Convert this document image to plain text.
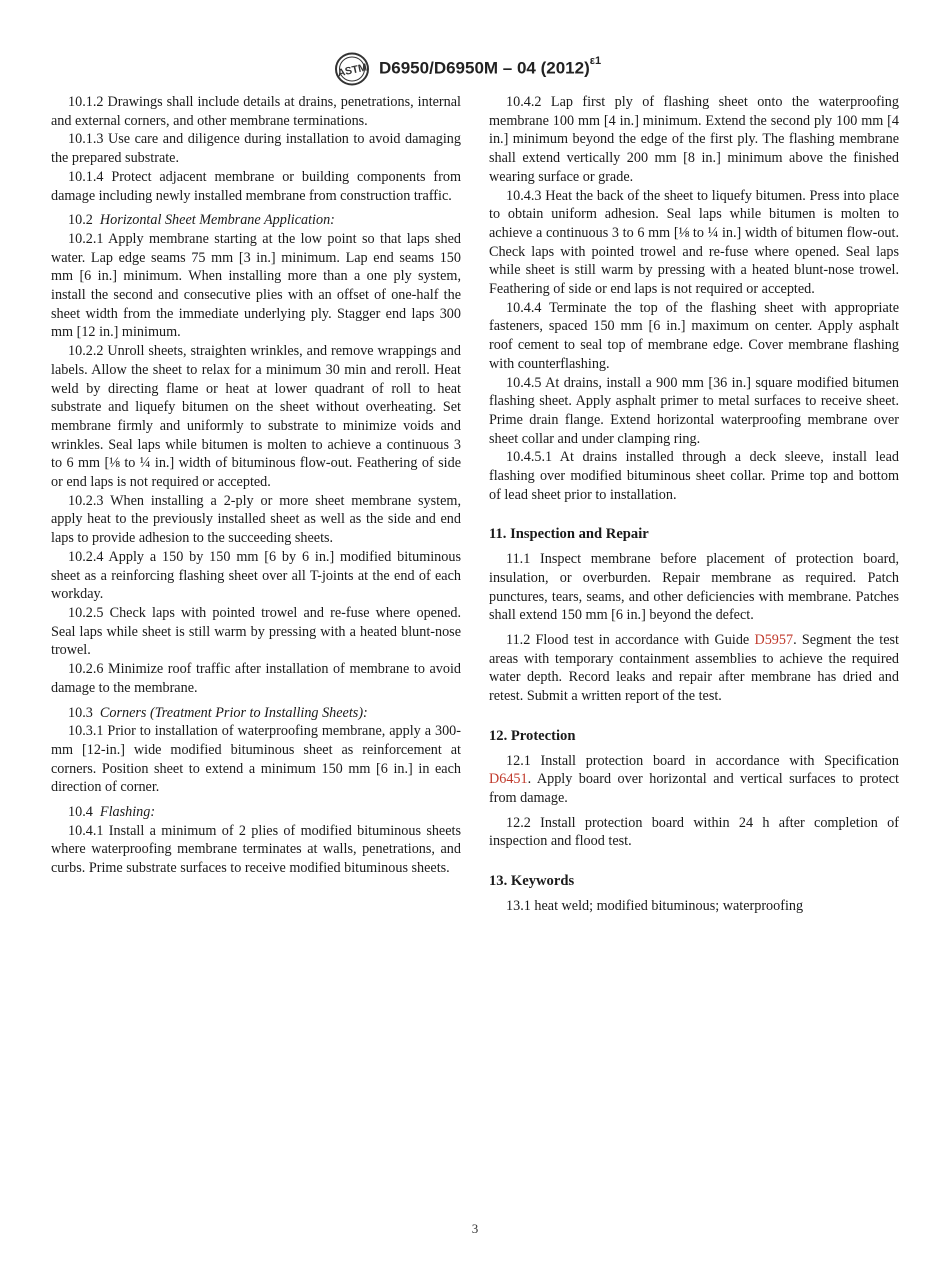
ASTM D6950/D6950M – 04 $(2012)^{\varepsilon 1}$

10.1.2 Drawings shall include details at drains, penetrations, internal and external corners, and other membrane terminations.

10.1.3 Use care and diligence during installation to avoid damaging the prepared substrate.

10.1.4 Protect adjacent membrane or building components from damage including newly installed membrane from construction traffic.

10.2 Horizontal Sheet Membrane Application:

10.2.1 Apply membrane starting at the low point so that laps shed water. Lap edge seams 75 mm [3 in.] minimum. Lap end seams 150 mm [6 in.] minimum. When installing more than a one ply system, install the second and consecutive plies with an offset of one-half the sheet width from the immediate underlying ply. Stagger end laps 300 mm [12 in.] minimum.

10.2.2 Unroll sheets, straighten wrinkles, and remove wrappings and labels. Allow the sheet to relax for a minimum 30 min and reroll. Heat weld by directing flame or heat at lower quadrant of roll to heat substrate and liquefy bitumen on the sheet without overheating. Set membrane firmly and uniformly to substrate to minimize voids and wrinkles. Seal laps while bitumen is molten to achieve a continuous 3 to 6 mm [⅛ to ¼ in.] width of bituminous flow-out. Feathering of side or end laps is not required or accepted.

10.2.3 When installing a 2-ply or more sheet membrane system, apply heat to the previously installed sheet as well as the side and end laps to provide adhesion to the succeeding sheets.

10.2.4 Apply a 150 by 150 mm [6 by 6 in.] modified bituminous sheet as a reinforcing flashing sheet over all T-joints at the end of each workday.

10.2.5 Check laps with pointed trowel and re-fuse where opened. Seal laps while sheet is still warm by pressing with a heated blunt-nose trowel.

10.2.6 Minimize roof traffic after installation of membrane to avoid damage to the membrane.

10.3 Corners (Treatment Prior to Installing Sheets):

10.3.1 Prior to installation of waterproofing membrane, apply a 300-mm [12-in.] wide modified bituminous sheet as reinforcement at corners. Position sheet to extend a minimum 150 mm [6 in.] in each direction of corner.

10.4 Flashing:

10.4.1 Install a minimum of 2 plies of modified bituminous sheets where waterproofing membrane terminates at walls, penetrations, and curbs. Prime substrate surfaces to receive modified bituminous sheets.

10.4.2 Lap first ply of flashing sheet onto the waterproofing membrane 100 mm [4 in.] minimum. Extend the second ply 100 mm [4 in.] minimum beyond the edge of the first ply. The flashing membrane shall extend vertically 200 mm [8 in.] minimum above the finished wearing surface or grade.

10.4.3 Heat the back of the sheet to liquefy bitumen. Press into place to obtain uniform adhesion. Seal laps while bitumen is molten to achieve a continuous 3 to 6 mm [⅛ to ¼ in.] width of bitumen flow-out. Check laps with pointed trowel and re-fuse where opened. Seal laps while sheet is still warm by pressing with a heated blunt-nose trowel. Feathering of side or end laps is not required or accepted.

10.4.4 Terminate the top of the flashing sheet with appropriate fasteners, spaced 150 mm [6 in.] maximum on center. Apply asphalt roof cement to seal top of membrane edge. Cover membrane flashing with counterflashing.

10.4.5 At drains, install a 900 mm [36 in.] square modified bitumen flashing sheet. Apply asphalt primer to metal surfaces to receive sheet. Prime drain flange. Extend horizontal waterproofing membrane over sheet collar and under clamping ring.

10.4.5.1 At drains installed through a deck sleeve, install lead flashing over modified bituminous sheet collar. Prime top and bottom of lead sheet prior to installation.

11. Inspection and Repair

11.1 Inspect membrane before placement of protection board, insulation, or overburden. Repair membrane as required. Patch punctures, tears, seams, and other deficiencies with membrane. Patches shall extend 150 mm [6 in.] beyond the defect.

11.2 Flood test in accordance with Guide D5957. Segment the test areas with temporary containment assemblies to achieve the required water depth. Record leaks and repair after membrane has dried and retest. Submit a written report of the test.

12. Protection

12.1 Install protection board in accordance with Specification D6451. Apply board over horizontal and vertical surfaces to protect from damage.

12.2 Install protection board within 24 h after completion of inspection and flood test.

13. Keywords

13.1 heat weld; modified bituminous; waterproofing

3
